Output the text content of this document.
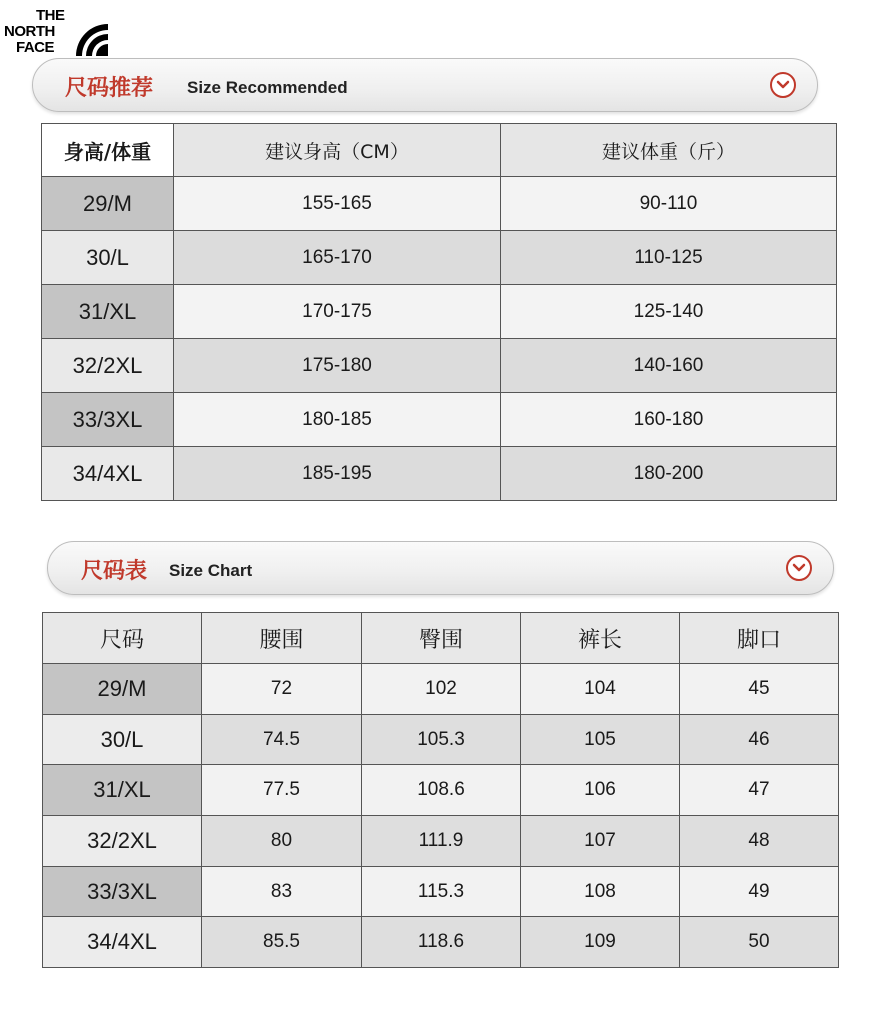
THE
NORTH
FACE
尺码推荐 Size Recommended
身高/体重	建议身高（CM）	建议体重（斤）
29/M	155-165	90-110
30/L	165-170	110-125
31/XL	170-175	125-140
32/2XL	175-180	140-160
33/3XL	180-185	160-180
34/4XL	185-195	180-200
尺码表 Size Chart
尺码	腰围	臀围	裤长	脚口
29/M	72	102	104	45
30/L	74.5	105.3	105	46
31/XL	77.5	108.6	106	47
32/2XL	80	111.9	107	48
33/3XL	83	115.3	108	49
34/4XL	85.5	118.6	109	50
